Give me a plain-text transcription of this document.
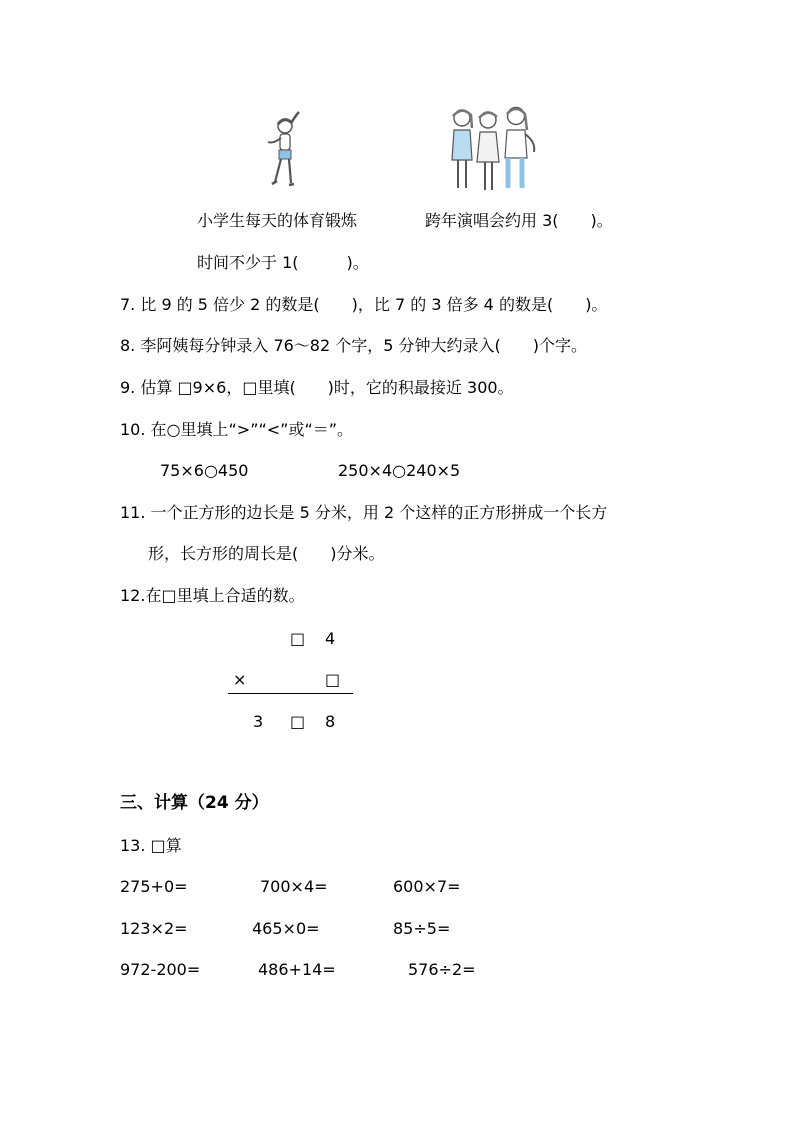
小学生每天的体育锻炼	跨年演唱会约用 3(　　)。
时间不少于 1(　　　)。
7. 比 9 的 5 倍少 2 的数是(　　)，比 7 的 3 倍多 4 的数是(　　)。
8. 李阿姨每分钟录入 76～82 个字，5 分钟大约录入(　　)个字。
9. 估算 □9×6，□里填(　　)时，它的积最接近 300。
10. 在○里填上“>”“<”或“＝”。
75×6○450	250×4○240×5
11. 一个正方形的边长是 5 分米，用 2 个这样的正方形拼成一个长方
形，长方形的周长是(　　)分米。
12.在□里填上合适的数。
□ 4
×	□
3 □ 8
三、计算（24 分）
13. □算
275+0=	700×4=	600×7=
123×2=	465×0=	85÷5=
972-200=	486+14=	576÷2=
